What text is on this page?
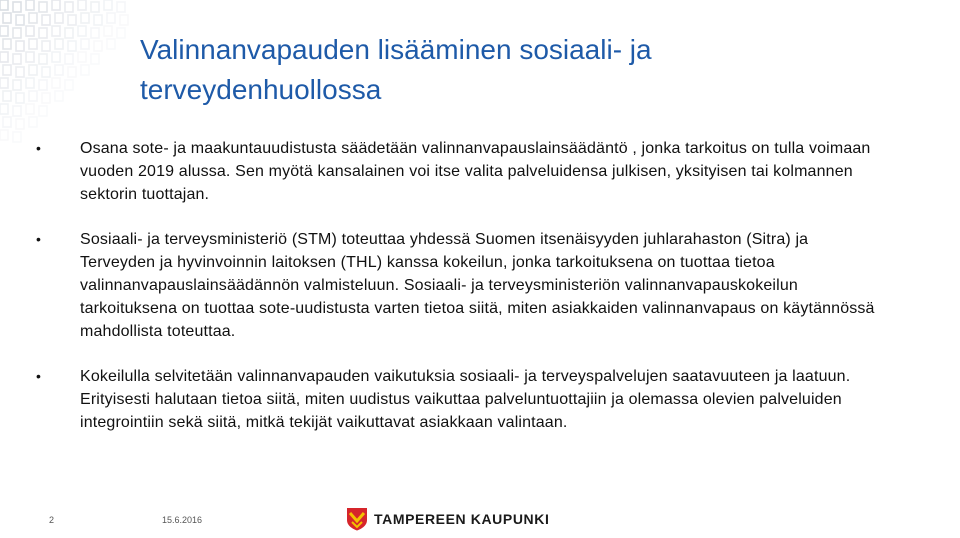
Valinnanvapauden lisääminen sosiaali- ja terveydenhuollossa
• Osana sote- ja maakuntauudistusta säädetään valinnanvapauslainsäädäntö , jonka tarkoitus on tulla voimaan vuoden 2019 alussa. Sen myötä kansalainen voi itse valita palveluidensa julkisen, yksityisen tai kolmannen sektorin tuottajan.
• Sosiaali- ja terveysministeriö (STM) toteuttaa yhdessä Suomen itsenäisyyden juhlarahaston (Sitra) ja Terveyden ja hyvinvoinnin laitoksen (THL) kanssa kokeilun, jonka tarkoituksena on tuottaa tietoa valinnanvapauslainsäädännön valmisteluun. Sosiaali- ja terveysministeriön valinnanvapauskokeilun tarkoituksena on tuottaa sote-uudistusta varten tietoa siitä, miten asiakkaiden valinnanvapaus on käytännössä mahdollista toteuttaa.
• Kokeilulla selvitetään valinnanvapauden vaikutuksia sosiaali- ja terveyspalvelujen saatavuuteen ja laatuun. Erityisesti halutaan tietoa siitä, miten uudistus vaikuttaa palveluntuottajiin ja olemassa olevien palveluiden integrointiin sekä siitä, mitkä tekijät vaikuttavat asiakkaan valintaan.
2	15.6.2016	TAMPEREEN KAUPUNKI
